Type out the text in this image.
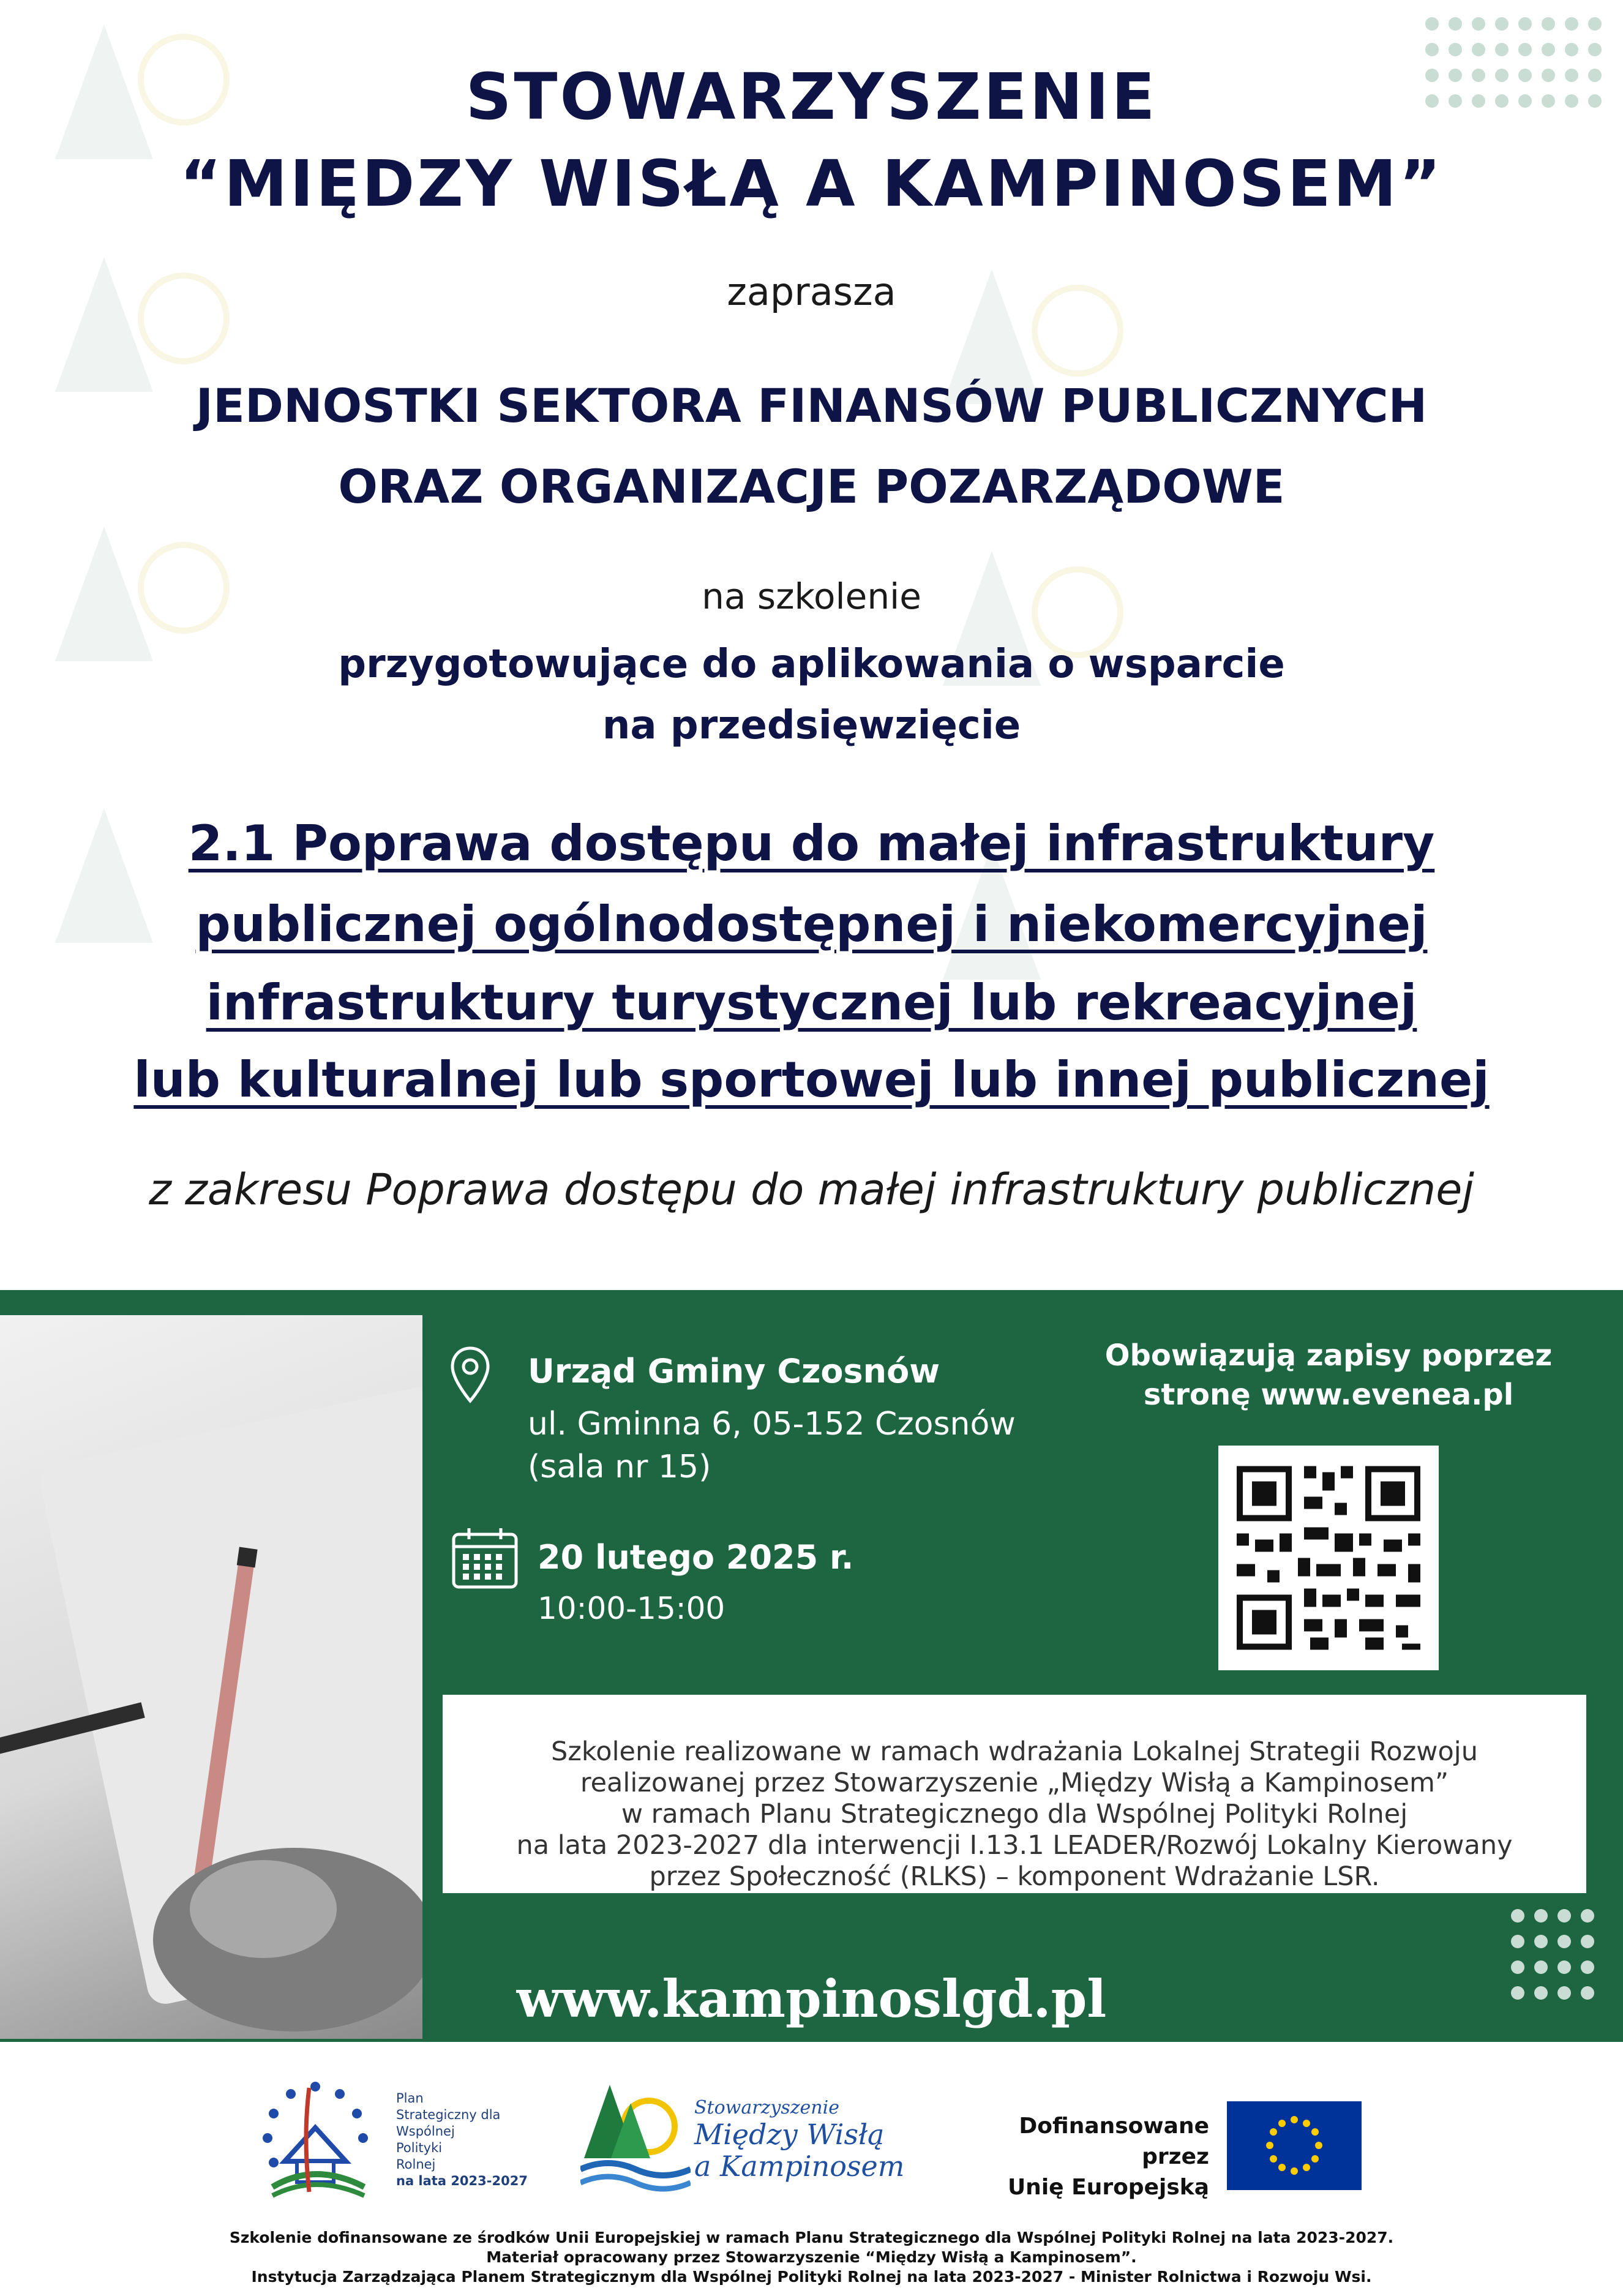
STOWARZYSZENIE
“MIĘDZY WISŁĄ A KAMPINOSEM”
zaprasza
JEDNOSTKI SEKTORA FINANSÓW PUBLICZNYCH
ORAZ ORGANIZACJE POZARZĄDOWE
na szkolenie
przygotowujące do aplikowania o wsparcie
na przedsięwzięcie
2.1 Poprawa dostępu do małej infrastruktury
publicznej ogólnodostępnej i niekomercyjnej
infrastruktury turystycznej lub rekreacyjnej
lub kulturalnej lub sportowej lub innej publicznej
z zakresu Poprawa dostępu do małej infrastruktury publicznej
Urząd Gminy Czosnów
ul. Gminna 6, 05-152 Czosnów
(sala nr 15)
20 lutego 2025 r.
10:00-15:00
Obowiązują zapisy poprzez
stronę www.evenea.pl
Szkolenie realizowane w ramach wdrażania Lokalnej Strategii Rozwoju
realizowanej przez Stowarzyszenie „Między Wisłą a Kampinosem”
w ramach Planu Strategicznego dla Wspólnej Polityki Rolnej
na lata 2023-2027 dla interwencji I.13.1 LEADER/Rozwój Lokalny Kierowany
przez Społeczność (RLKS) – komponent Wdrażanie LSR.

www.kampinoslgd.pl
Plan
Strategiczny dla
Wspólnej
Polityki
Rolnej
na lata 2023-2027
Stowarzyszenie
Między Wisłą
a Kampinosem
Dofinansowane przez
Unię Europejską
Szkolenie dofinansowane ze środków Unii Europejskiej w ramach Planu Strategicznego dla Wspólnej Polityki Rolnej na lata 2023-2027.
Materiał opracowany przez Stowarzyszenie “Między Wisłą a Kampinosem”.
Instytucja Zarządzająca Planem Strategicznym dla Wspólnej Polityki Rolnej na lata 2023-2027 - Minister Rolnictwa i Rozwoju Wsi.
